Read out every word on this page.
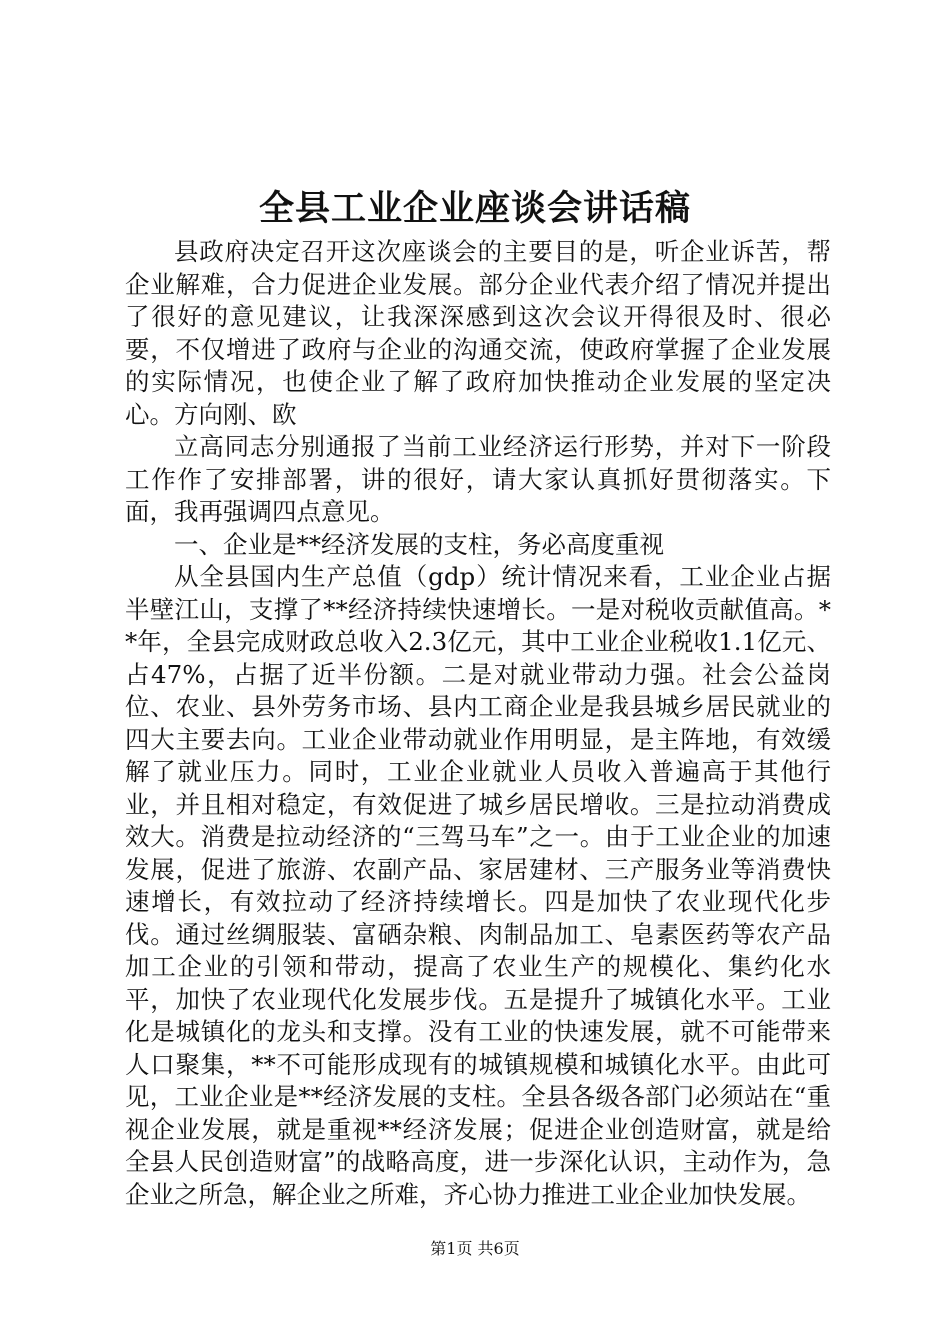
全县工业企业座谈会讲话稿

县政府决定召开这次座谈会的主要目的是，听企业诉苦，帮企业解难，合力促进企业发展。部分企业代表介绍了情况并提出了很好的意见建议，让我深深感到这次会议开得很及时、很必要，不仅增进了政府与企业的沟通交流，使政府掌握了企业发展的实际情况，也使企业了解了政府加快推动企业发展的坚定决心。方向刚、欧

立高同志分别通报了当前工业经济运行形势，并对下一阶段工作作了安排部署，讲的很好，请大家认真抓好贯彻落实。下面，我再强调四点意见。

一、企业是**经济发展的支柱，务必高度重视

从全县国内生产总值（gdp）统计情况来看，工业企业占据半壁江山，支撑了**经济持续快速增长。一是对税收贡献值高。**年，全县完成财政总收入2.3亿元，其中工业企业税收1.1亿元、占47%，占据了近半份额。二是对就业带动力强。社会公益岗位、农业、县外劳务市场、县内工商企业是我县城乡居民就业的四大主要去向。工业企业带动就业作用明显，是主阵地，有效缓解了就业压力。同时，工业企业就业人员收入普遍高于其他行业，并且相对稳定，有效促进了城乡居民增收。三是拉动消费成效大。消费是拉动经济的“三驾马车”之一。由于工业企业的加速发展，促进了旅游、农副产品、家居建材、三产服务业等消费快速增长，有效拉动了经济持续增长。四是加快了农业现代化步伐。通过丝绸服装、富硒杂粮、肉制品加工、皂素医药等农产品加工企业的引领和带动，提高了农业生产的规模化、集约化水平，加快了农业现代化发展步伐。五是提升了城镇化水平。工业化是城镇化的龙头和支撑。没有工业的快速发展，就不可能带来人口聚集，**不可能形成现有的城镇规模和城镇化水平。由此可见，工业企业是**经济发展的支柱。全县各级各部门必须站在“重视企业发展，就是重视**经济发展；促进企业创造财富，就是给全县人民创造财富”的战略高度，进一步深化认识，主动作为，急企业之所急，解企业之所难，齐心协力推进工业企业加快发展。

第1页 共6页
